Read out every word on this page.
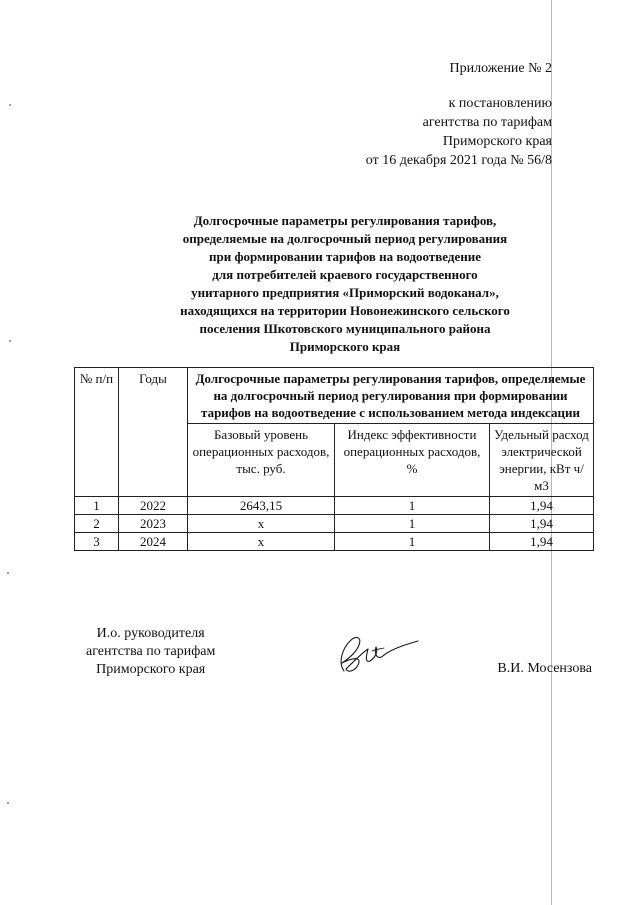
Приложение № 2
к постановлению
агентства по тарифам
Приморского края
от 16 декабря 2021 года № 56/8
Долгосрочные параметры регулирования тарифов,
определяемые на долгосрочный период регулирования
при формировании тарифов на водоотведение
для потребителей краевого государственного
унитарного предприятия «Приморский водоканал»,
находящихся на территории Новонежинского сельского
поселения Шкотовского муниципального района
Приморского края
№ п/п	Годы	Долгосрочные параметры регулирования тарифов, определяемые на долгосрочный период регулирования при формировании тарифов на водоотведение с использованием метода индексации		
		Базовый уровень операционных расходов, тыс. руб.	Индекс эффективности операционных расходов, %	Удельный расход электрической энергии, кВт ч/м3
1	2022	2643,15	1	1,94
2	2023	х	1	1,94
3	2024	х	1	1,94
И.о. руководителя
агентства по тарифам
Приморского края	В.И. Мосензова
